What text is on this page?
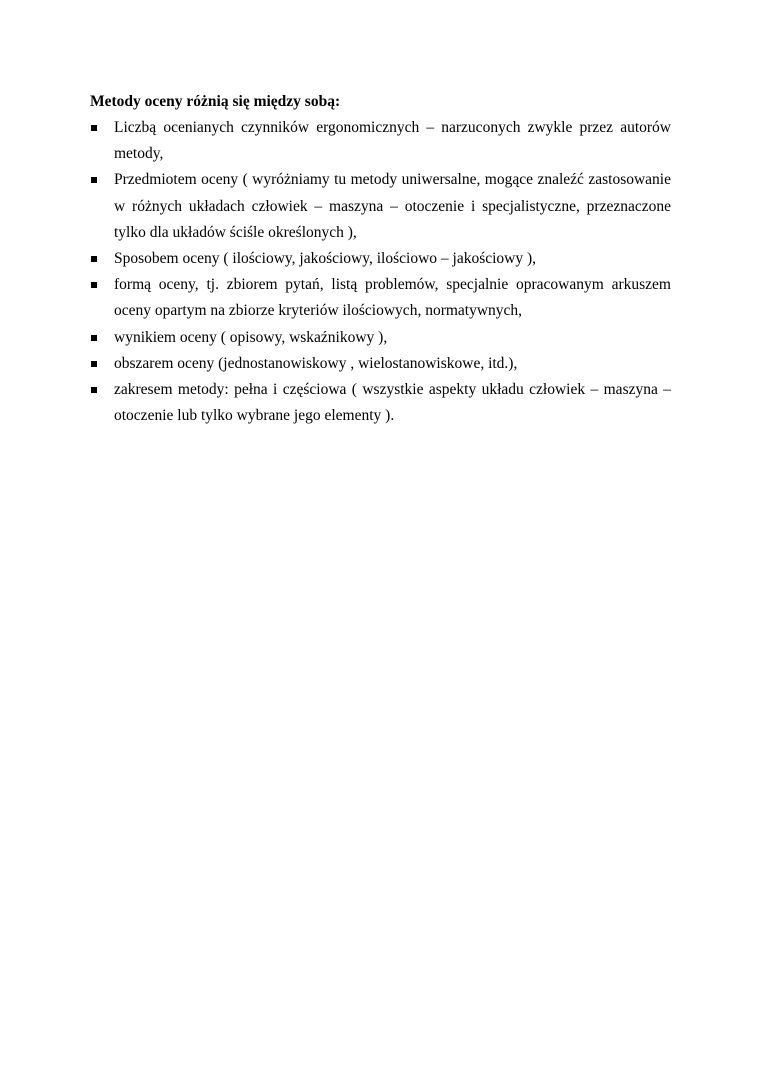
Metody oceny różnią się między sobą:

Liczbą ocenianych czynników ergonomicznych – narzuconych zwykle przez autorów metody,
Przedmiotem oceny ( wyróżniamy tu metody uniwersalne, mogące znaleźć zastosowanie w różnych układach człowiek – maszyna – otoczenie i specjalistyczne, przeznaczone tylko dla układów ściśle określonych ),
Sposobem oceny ( ilościowy, jakościowy, ilościowo – jakościowy ),
formą oceny, tj. zbiorem pytań, listą problemów, specjalnie opracowanym arkuszem oceny opartym na zbiorze kryteriów ilościowych, normatywnych,
wynikiem oceny ( opisowy, wskaźnikowy ),
obszarem oceny (jednostanowiskowy , wielostanowiskowe, itd.),
zakresem metody: pełna i częściowa ( wszystkie aspekty układu człowiek – maszyna – otoczenie lub tylko wybrane jego elementy ).
